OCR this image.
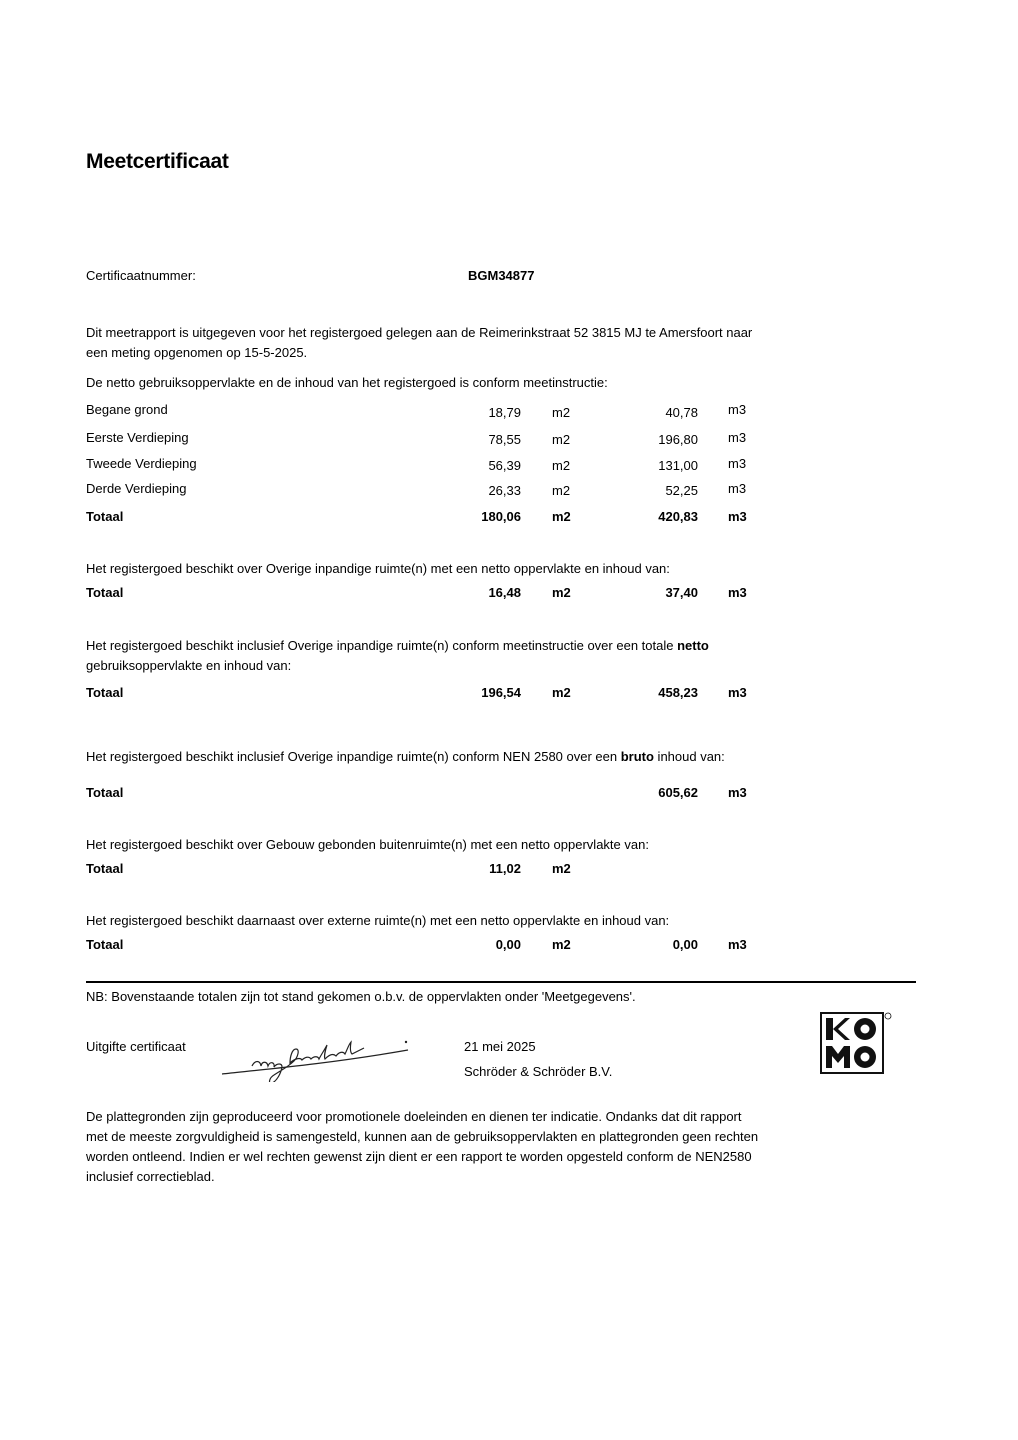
Meetcertificaat
Certificaatnummer:	BGM34877
Dit meetrapport is uitgegeven voor het registergoed gelegen aan de Reimerinkstraat 52 3815 MJ te Amersfoort naar
een meting opgenomen op 15-5-2025.
De netto gebruiksoppervlakte en de inhoud van het registergoed is conform meetinstructie:
Begane grond	18,79 m2	40,78 m3
Eerste Verdieping	78,55 m2	196,80 m3
Tweede Verdieping	56,39 m2	131,00 m3
Derde Verdieping	26,33 m2	52,25 m3
Totaal	180,06 m2	420,83 m3
Het registergoed beschikt over Overige inpandige ruimte(n) met een netto oppervlakte en inhoud van:
Totaal	16,48 m2	37,40 m3
Het registergoed beschikt inclusief Overige inpandige ruimte(n) conform meetinstructie over een totale netto
gebruiksoppervlakte en inhoud van:
Totaal	196,54 m2	458,23 m3
Het registergoed beschikt inclusief Overige inpandige ruimte(n) conform NEN 2580 over een bruto inhoud van:
Totaal	605,62 m3
Het registergoed beschikt over Gebouw gebonden buitenruimte(n) met een netto oppervlakte van:
Totaal	11,02 m2
Het registergoed beschikt daarnaast over externe ruimte(n) met een netto oppervlakte en inhoud van:
Totaal	0,00 m2	0,00 m3
NB: Bovenstaande totalen zijn tot stand gekomen o.b.v. de oppervlakten onder 'Meetgegevens'.
Uitgifte certificaat	21 mei 2025
Schröder & Schröder B.V.
De plattegronden zijn geproduceerd voor promotionele doeleinden en dienen ter indicatie. Ondanks dat dit rapport
met de meeste zorgvuldigheid is samengesteld, kunnen aan de gebruiksoppervlakten en plattegronden geen rechten
worden ontleend. Indien er wel rechten gewenst zijn dient er een rapport te worden opgesteld conform de NEN2580
inclusief correctieblad.
